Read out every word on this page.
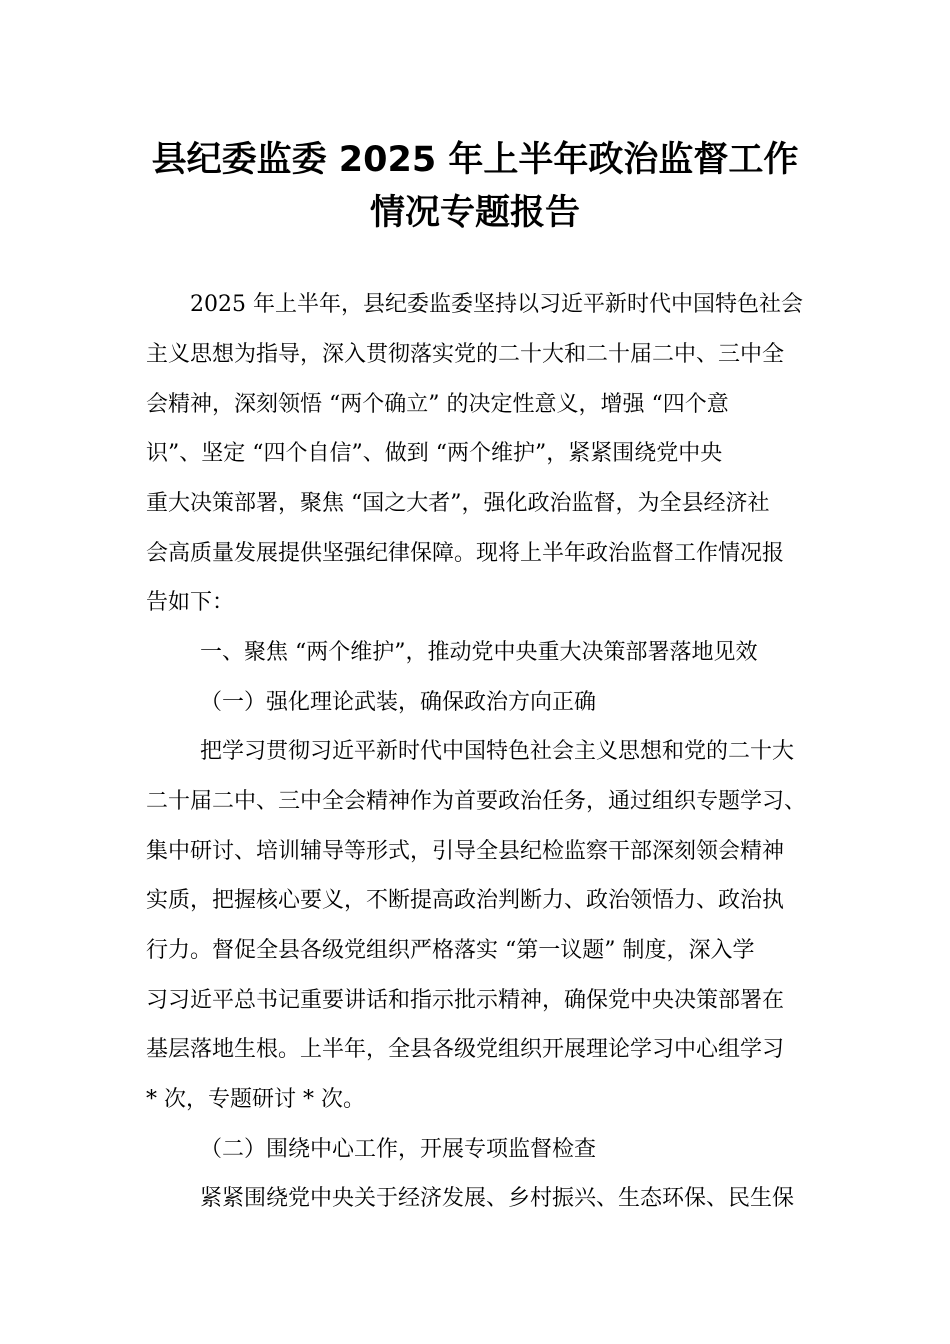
县纪委监委 2025 年上半年政治监督工作
情况专题报告

2025 年上半年，县纪委监委坚持以习近平新时代中国特色社会

主义思想为指导，深入贯彻落实党的二十大和二十届二中、三中全

会精神，深刻领悟 “两个确立” 的决定性意义，增强 “四个意

识”、坚定 “四个自信”、做到 “两个维护”，紧紧围绕党中央

重大决策部署，聚焦 “国之大者”，强化政治监督，为全县经济社

会高质量发展提供坚强纪律保障。现将上半年政治监督工作情况报

告如下：

一、聚焦 “两个维护”，推动党中央重大决策部署落地见效

（一）强化理论武装，确保政治方向正确

把学习贯彻习近平新时代中国特色社会主义思想和党的二十大

二十届二中、三中全会精神作为首要政治任务，通过组织专题学习、

集中研讨、培训辅导等形式，引导全县纪检监察干部深刻领会精神

实质，把握核心要义，不断提高政治判断力、政治领悟力、政治执

行力。督促全县各级党组织严格落实 “第一议题” 制度，深入学

习习近平总书记重要讲话和指示批示精神，确保党中央决策部署在

基层落地生根。上半年，全县各级党组织开展理论学习中心组学习

* 次，专题研讨 * 次。

（二）围绕中心工作，开展专项监督检查

紧紧围绕党中央关于经济发展、乡村振兴、生态环保、民生保
